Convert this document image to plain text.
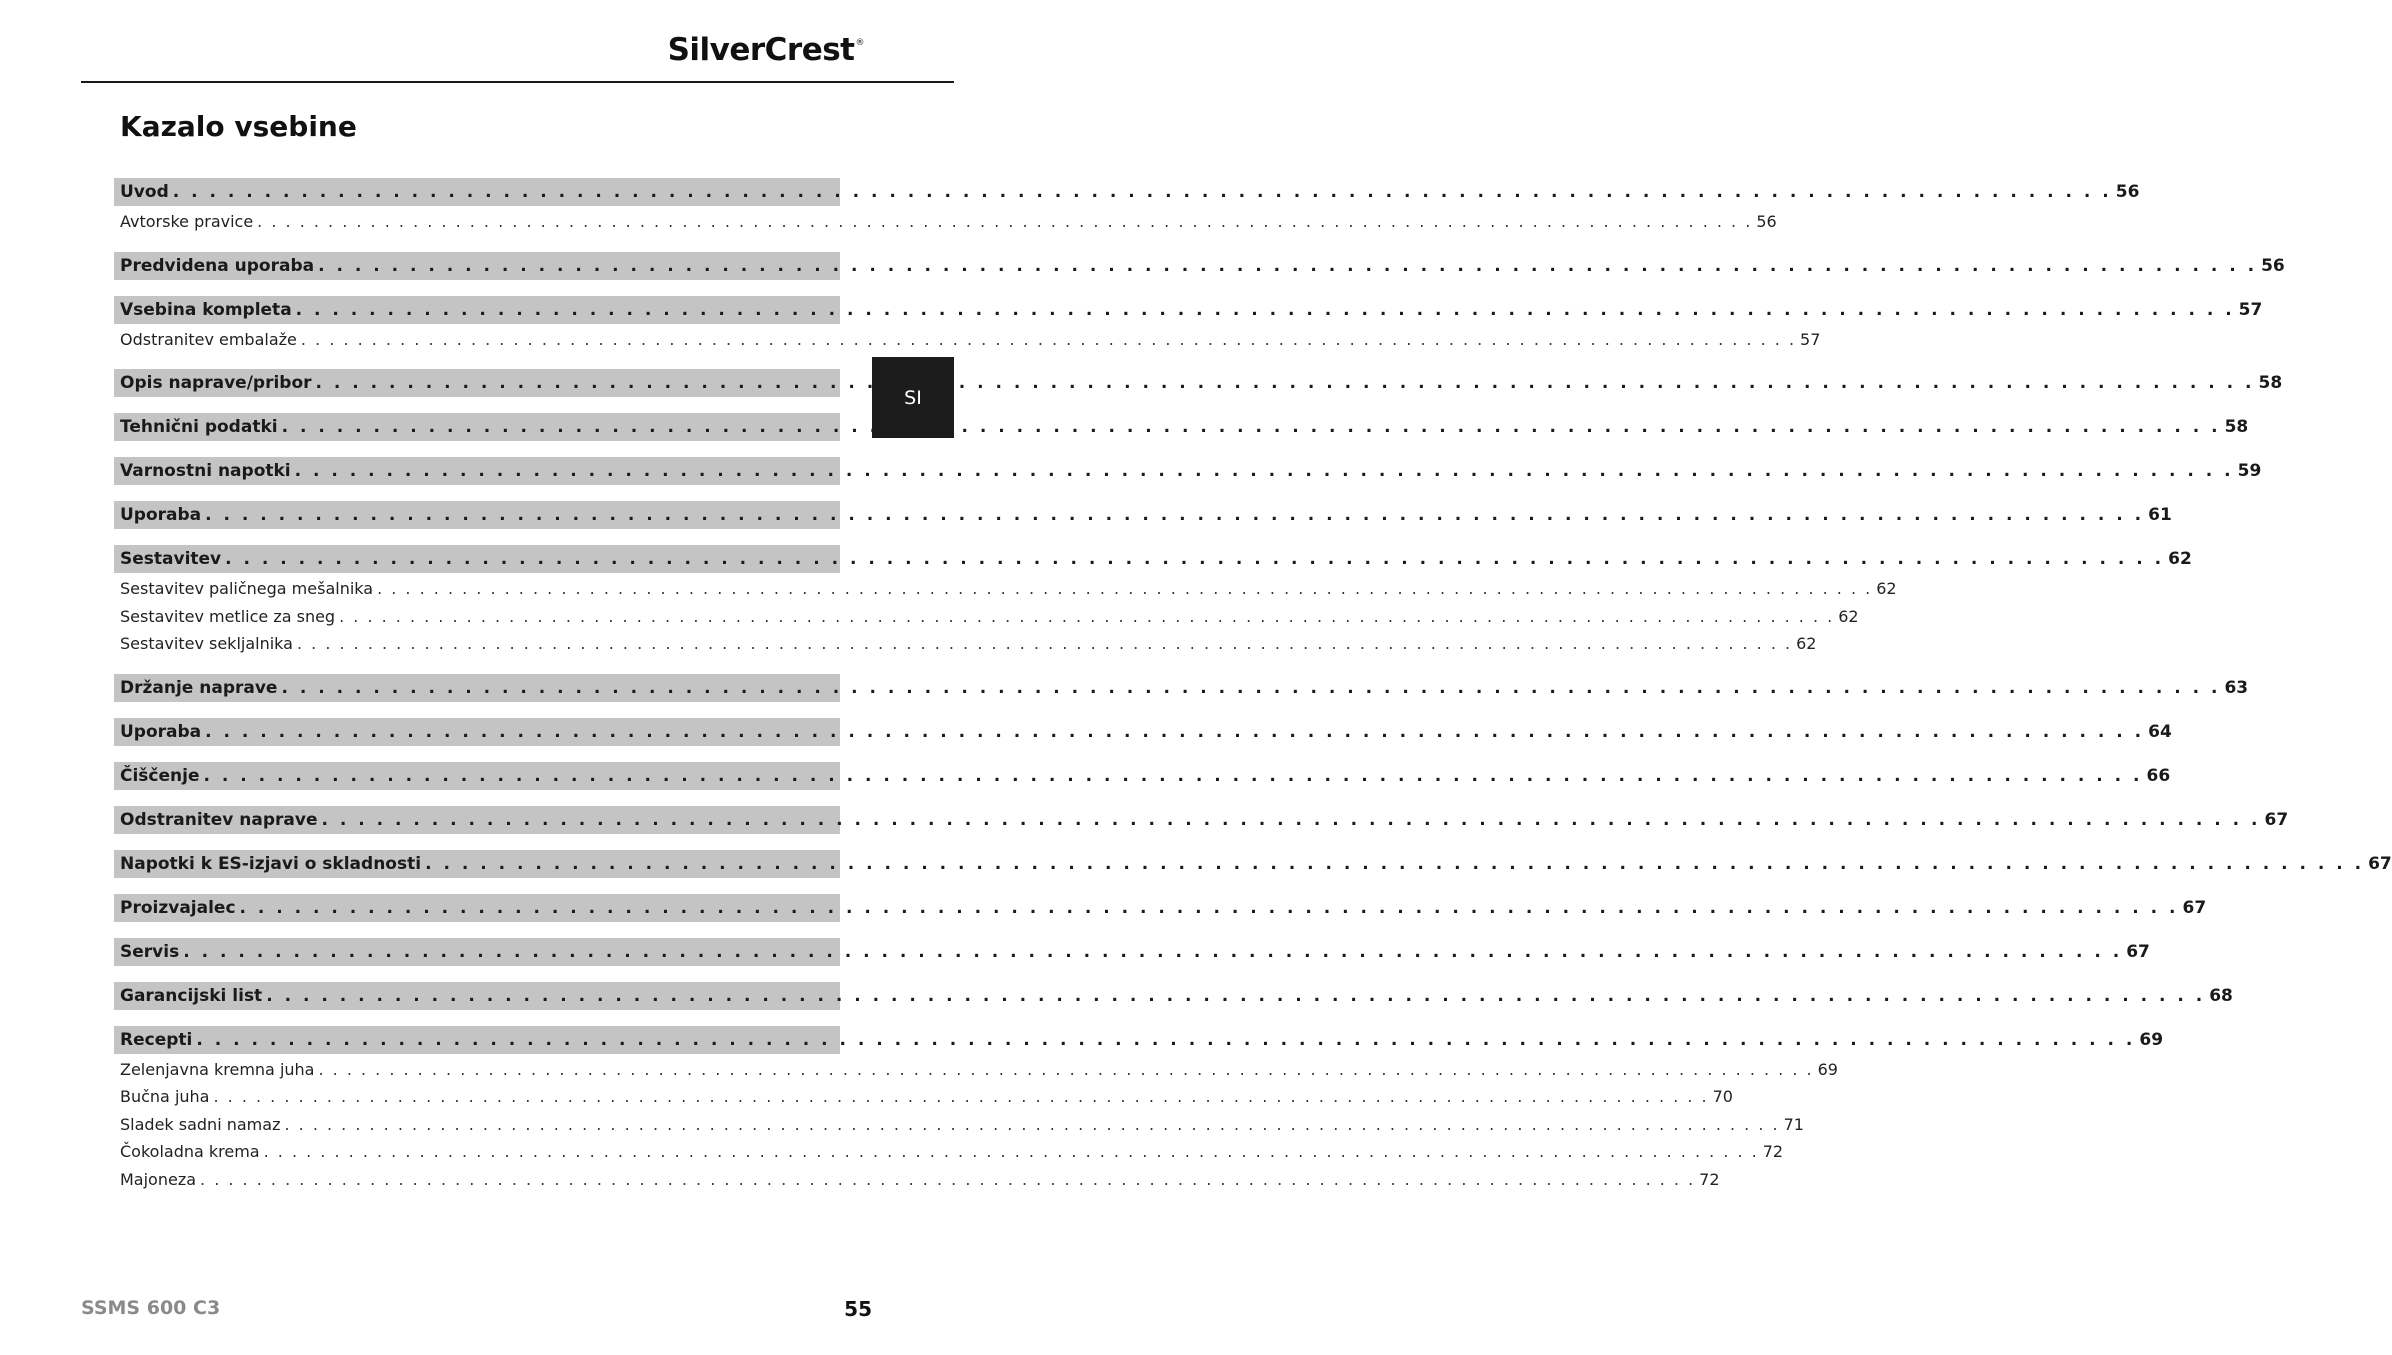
SilverCrest®
Kazalo vsebine
SI
Uvod . . . . . . . . . . . . . . . . . . . . . . . . . . . . . . . . . . . . . . . . . . . . . . . . . . . . . . . . . . . . . . . . . . . . . . . . . . . . . . . . . . . . . . . . . . . . . . . . . . . . . . . . . . 56
Avtorske pravice . . . . . . . . . . . . . . . . . . . . . . . . . . . . . . . . . . . . . . . . . . . . . . . . . . . . . . . . . . . . . . . . . . . . . . . . . . . . . . . . . . . . . . . . . . . . . . . . . . . . . . . . . . 56
Predvidena uporaba . . . . . . . . . . . . . . . . . . . . . . . . . . . . . . . . . . . . . . . . . . . . . . . . . . . . . . . . . . . . . . . . . . . . . . . . . . . . . . . . . . . . . . . . . . . . . . . . . . . . . . . . . . 56
Vsebina kompleta . . . . . . . . . . . . . . . . . . . . . . . . . . . . . . . . . . . . . . . . . . . . . . . . . . . . . . . . . . . . . . . . . . . . . . . . . . . . . . . . . . . . . . . . . . . . . . . . . . . . . . . . . . 57
Odstranitev embalaže . . . . . . . . . . . . . . . . . . . . . . . . . . . . . . . . . . . . . . . . . . . . . . . . . . . . . . . . . . . . . . . . . . . . . . . . . . . . . . . . . . . . . . . . . . . . . . . . . . . . . . . . . . 57
Opis naprave/pribor . . . . . . . . . . . . . . . . . . . . . . . . . . . . . . . . . . . . . . . . . . . . . . . . . . . . . . . . . . . . . . . . . . . . . . . . . . . . . . . . . . . . . . . . . . . . . . . . . . . . . . . . . . 58
Tehnični podatki . . . . . . . . . . . . . . . . . . . . . . . . . . . . . . . . . . . . . . . . . . . . . . . . . . . . . . . . . . . . . . . . . . . . . . . . . . . . . . . . . . . . . . . . . . . . . . . . . . . . . . . . . . 58
Varnostni napotki . . . . . . . . . . . . . . . . . . . . . . . . . . . . . . . . . . . . . . . . . . . . . . . . . . . . . . . . . . . . . . . . . . . . . . . . . . . . . . . . . . . . . . . . . . . . . . . . . . . . . . . . . . 59
Uporaba . . . . . . . . . . . . . . . . . . . . . . . . . . . . . . . . . . . . . . . . . . . . . . . . . . . . . . . . . . . . . . . . . . . . . . . . . . . . . . . . . . . . . . . . . . . . . . . . . . . . . . . . . . 61
Sestavitev . . . . . . . . . . . . . . . . . . . . . . . . . . . . . . . . . . . . . . . . . . . . . . . . . . . . . . . . . . . . . . . . . . . . . . . . . . . . . . . . . . . . . . . . . . . . . . . . . . . . . . . . . . 62
Sestavitev paličnega mešalnika . . . . . . . . . . . . . . . . . . . . . . . . . . . . . . . . . . . . . . . . . . . . . . . . . . . . . . . . . . . . . . . . . . . . . . . . . . . . . . . . . . . . . . . . . . . . . . . . . . . . . . . . . . 62
Sestavitev metlice za sneg . . . . . . . . . . . . . . . . . . . . . . . . . . . . . . . . . . . . . . . . . . . . . . . . . . . . . . . . . . . . . . . . . . . . . . . . . . . . . . . . . . . . . . . . . . . . . . . . . . . . . . . . . . 62
Sestavitev sekljalnika . . . . . . . . . . . . . . . . . . . . . . . . . . . . . . . . . . . . . . . . . . . . . . . . . . . . . . . . . . . . . . . . . . . . . . . . . . . . . . . . . . . . . . . . . . . . . . . . . . . . . . . . . . 62
Držanje naprave . . . . . . . . . . . . . . . . . . . . . . . . . . . . . . . . . . . . . . . . . . . . . . . . . . . . . . . . . . . . . . . . . . . . . . . . . . . . . . . . . . . . . . . . . . . . . . . . . . . . . . . . . . 63
Uporaba . . . . . . . . . . . . . . . . . . . . . . . . . . . . . . . . . . . . . . . . . . . . . . . . . . . . . . . . . . . . . . . . . . . . . . . . . . . . . . . . . . . . . . . . . . . . . . . . . . . . . . . . . . 64
Čiščenje . . . . . . . . . . . . . . . . . . . . . . . . . . . . . . . . . . . . . . . . . . . . . . . . . . . . . . . . . . . . . . . . . . . . . . . . . . . . . . . . . . . . . . . . . . . . . . . . . . . . . . . . . . 66
Odstranitev naprave . . . . . . . . . . . . . . . . . . . . . . . . . . . . . . . . . . . . . . . . . . . . . . . . . . . . . . . . . . . . . . . . . . . . . . . . . . . . . . . . . . . . . . . . . . . . . . . . . . . . . . . . . . 67
Napotki k ES-izjavi o skladnosti . . . . . . . . . . . . . . . . . . . . . . . . . . . . . . . . . . . . . . . . . . . . . . . . . . . . . . . . . . . . . . . . . . . . . . . . . . . . . . . . . . . . . . . . . . . . . . . . . . . . . . . . . . 67
Proizvajalec . . . . . . . . . . . . . . . . . . . . . . . . . . . . . . . . . . . . . . . . . . . . . . . . . . . . . . . . . . . . . . . . . . . . . . . . . . . . . . . . . . . . . . . . . . . . . . . . . . . . . . . . . . 67
Servis . . . . . . . . . . . . . . . . . . . . . . . . . . . . . . . . . . . . . . . . . . . . . . . . . . . . . . . . . . . . . . . . . . . . . . . . . . . . . . . . . . . . . . . . . . . . . . . . . . . . . . . . . . 67
Garancijski list . . . . . . . . . . . . . . . . . . . . . . . . . . . . . . . . . . . . . . . . . . . . . . . . . . . . . . . . . . . . . . . . . . . . . . . . . . . . . . . . . . . . . . . . . . . . . . . . . . . . . . . . . . 68
Recepti . . . . . . . . . . . . . . . . . . . . . . . . . . . . . . . . . . . . . . . . . . . . . . . . . . . . . . . . . . . . . . . . . . . . . . . . . . . . . . . . . . . . . . . . . . . . . . . . . . . . . . . . . . 69
Zelenjavna kremna juha . . . . . . . . . . . . . . . . . . . . . . . . . . . . . . . . . . . . . . . . . . . . . . . . . . . . . . . . . . . . . . . . . . . . . . . . . . . . . . . . . . . . . . . . . . . . . . . . . . . . . . . . . . 69
Bučna juha . . . . . . . . . . . . . . . . . . . . . . . . . . . . . . . . . . . . . . . . . . . . . . . . . . . . . . . . . . . . . . . . . . . . . . . . . . . . . . . . . . . . . . . . . . . . . . . . . . . . . . . . . . 70
Sladek sadni namaz . . . . . . . . . . . . . . . . . . . . . . . . . . . . . . . . . . . . . . . . . . . . . . . . . . . . . . . . . . . . . . . . . . . . . . . . . . . . . . . . . . . . . . . . . . . . . . . . . . . . . . . . . . 71
Čokoladna krema . . . . . . . . . . . . . . . . . . . . . . . . . . . . . . . . . . . . . . . . . . . . . . . . . . . . . . . . . . . . . . . . . . . . . . . . . . . . . . . . . . . . . . . . . . . . . . . . . . . . . . . . . . 72
Majoneza . . . . . . . . . . . . . . . . . . . . . . . . . . . . . . . . . . . . . . . . . . . . . . . . . . . . . . . . . . . . . . . . . . . . . . . . . . . . . . . . . . . . . . . . . . . . . . . . . . . . . . . . . . 72
SSMS 600 C3	55
